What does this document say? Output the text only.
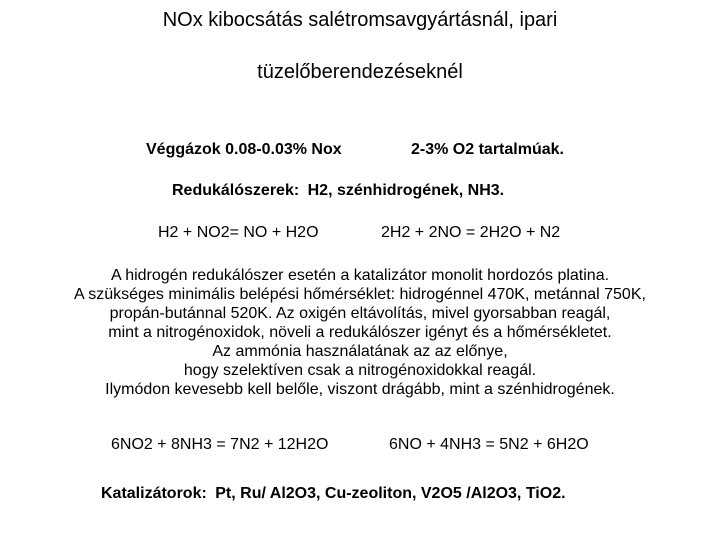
NOx kibocsátás salétromsavgyártásnál, ipari
tüzelőberendezéseknél
Véggázok 0.08-0.03% Nox	2-3% O2 tartalmúak.
Redukálószerek: H2, szénhidrogének, NH3.
H2 + NO2= NO + H2O	2H2 + 2NO = 2H2O + N2
A hidrogén redukálószer esetén a katalizátor monolit hordozós platina.
A szükséges minimális belépési hőmérséklet: hidrogénnel 470K, metánnal 750K,
propán-butánnal 520K. Az oxigén eltávolítás, mivel gyorsabban reagál,
mint a nitrogénoxidok, növeli a redukálószer igényt és a hőmérsékletet.
Az ammónia használatának az az előnye,
hogy szelektíven csak a nitrogénoxidokkal reagál.
Ilymódon kevesebb kell belőle, viszont drágább, mint a szénhidrogének.
6NO2 + 8NH3 = 7N2 + 12H2O	6NO + 4NH3 = 5N2 + 6H2O
Katalizátorok: Pt, Ru/ Al2O3, Cu-zeoliton, V2O5 /Al2O3, TiO2.
